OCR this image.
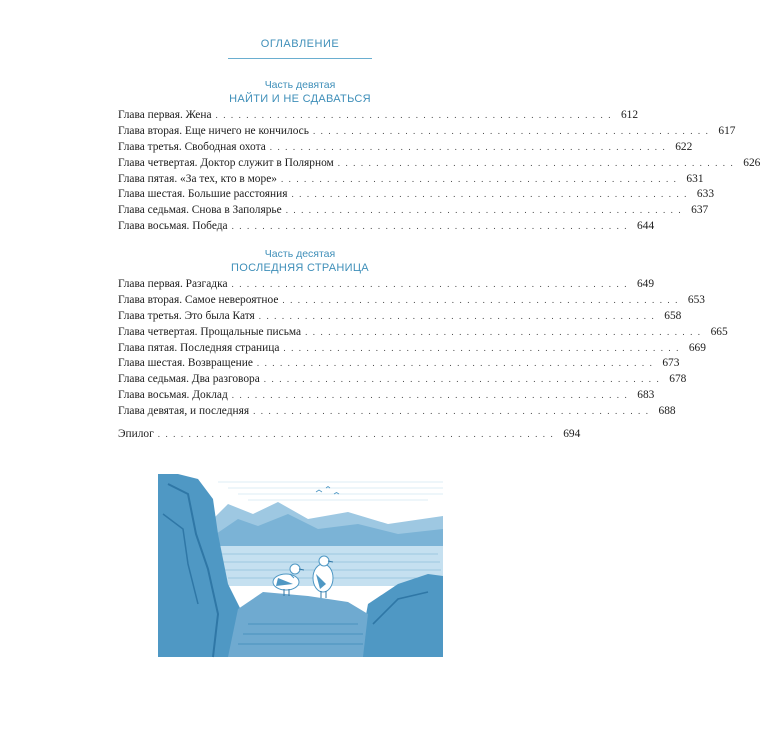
ОГЛАВЛЕНИЕ
Часть девятая
НАЙТИ И НЕ СДАВАТЬСЯ
Глава первая. Жена . . . . . . . . . . . . . . . . . . . . . . . . . . . . . . . . . . . . . . . . . . . . . . . . . . . . 612
Глава вторая. Еще ничего не кончилось . . . . . . . . . . . . . . . . . . . . . . . . . . . . . . . . . . . . . . . . . . . . . . . . . . . . 617
Глава третья. Свободная охота . . . . . . . . . . . . . . . . . . . . . . . . . . . . . . . . . . . . . . . . . . . . . . . . . . . . 622
Глава четвертая. Доктор служит в Полярном . . . . . . . . . . . . . . . . . . . . . . . . . . . . . . . . . . . . . . . . . . . . . . . . . . . . 626
Глава пятая. «За тех, кто в море» . . . . . . . . . . . . . . . . . . . . . . . . . . . . . . . . . . . . . . . . . . . . . . . . . . . . 631
Глава шестая. Большие расстояния . . . . . . . . . . . . . . . . . . . . . . . . . . . . . . . . . . . . . . . . . . . . . . . . . . . . 633
Глава седьмая. Снова в Заполярье . . . . . . . . . . . . . . . . . . . . . . . . . . . . . . . . . . . . . . . . . . . . . . . . . . . . 637
Глава восьмая. Победа . . . . . . . . . . . . . . . . . . . . . . . . . . . . . . . . . . . . . . . . . . . . . . . . . . . . 644
Часть десятая
ПОСЛЕДНЯЯ СТРАНИЦА
Глава первая. Разгадка . . . . . . . . . . . . . . . . . . . . . . . . . . . . . . . . . . . . . . . . . . . . . . . . . . . . 649
Глава вторая. Самое невероятное . . . . . . . . . . . . . . . . . . . . . . . . . . . . . . . . . . . . . . . . . . . . . . . . . . . . 653
Глава третья. Это была Катя . . . . . . . . . . . . . . . . . . . . . . . . . . . . . . . . . . . . . . . . . . . . . . . . . . . . 658
Глава четвертая. Прощальные письма . . . . . . . . . . . . . . . . . . . . . . . . . . . . . . . . . . . . . . . . . . . . . . . . . . . . 665
Глава пятая. Последняя страница . . . . . . . . . . . . . . . . . . . . . . . . . . . . . . . . . . . . . . . . . . . . . . . . . . . . 669
Глава шестая. Возвращение . . . . . . . . . . . . . . . . . . . . . . . . . . . . . . . . . . . . . . . . . . . . . . . . . . . . 673
Глава седьмая. Два разговора . . . . . . . . . . . . . . . . . . . . . . . . . . . . . . . . . . . . . . . . . . . . . . . . . . . . 678
Глава восьмая. Доклад . . . . . . . . . . . . . . . . . . . . . . . . . . . . . . . . . . . . . . . . . . . . . . . . . . . . 683
Глава девятая, и последняя . . . . . . . . . . . . . . . . . . . . . . . . . . . . . . . . . . . . . . . . . . . . . . . . . . . . 688
Эпилог . . . . . . . . . . . . . . . . . . . . . . . . . . . . . . . . . . . . . . . . . . . . . . . . . . . . 694
